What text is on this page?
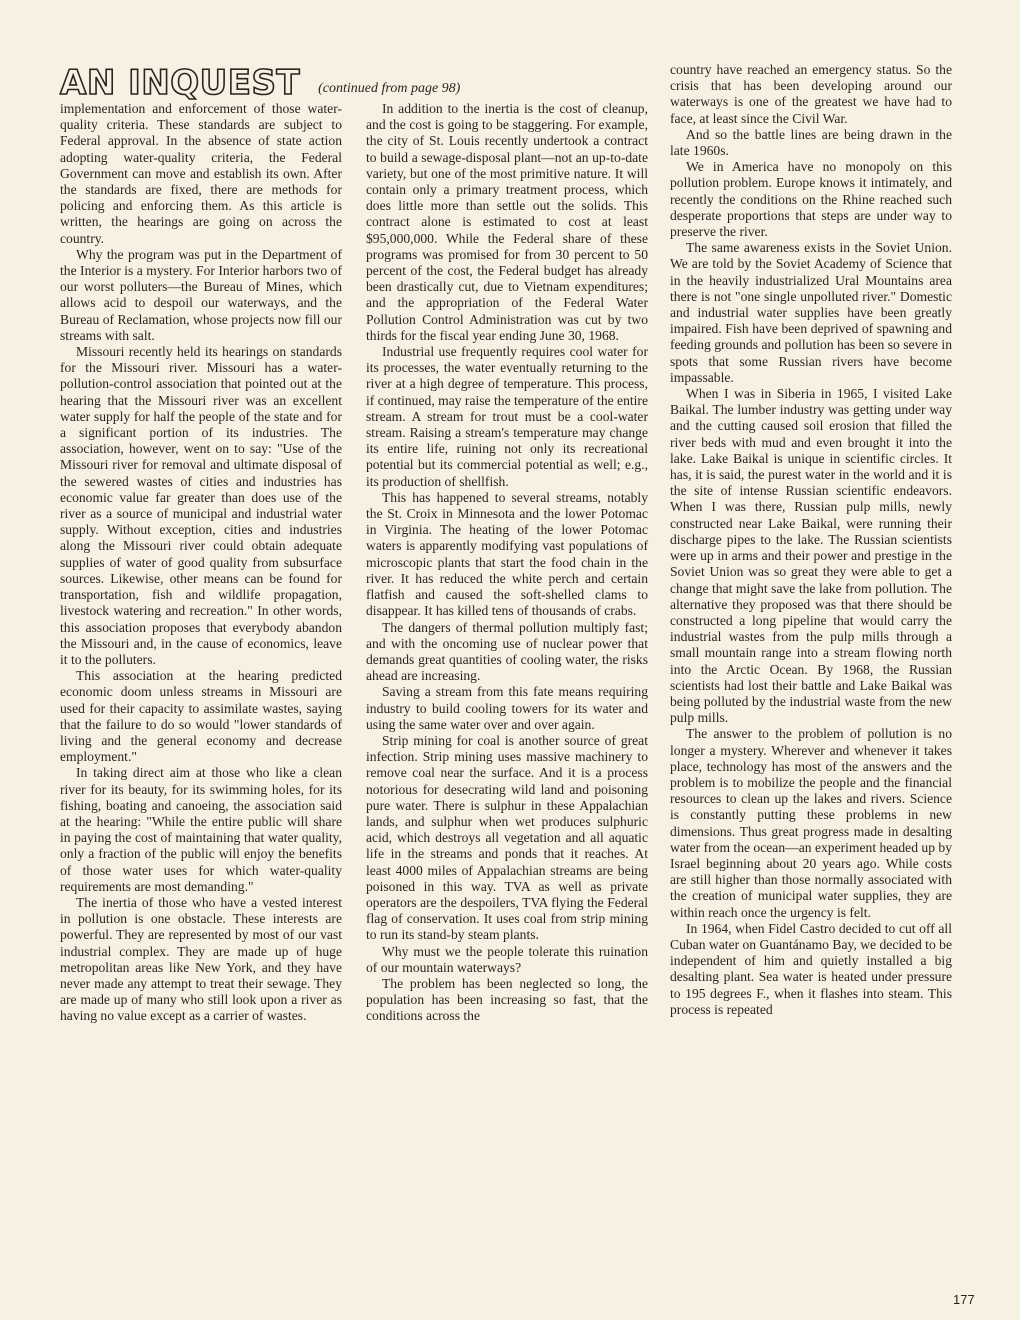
AN INQUEST (continued from page 98)

implementation and enforcement of those water-quality criteria. These standards are subject to Federal approval. In the absence of state action adopting water-quality criteria, the Federal Government can move and establish its own. After the standards are fixed, there are methods for policing and enforcing them. As this article is written, the hearings are going on across the country.

Why the program was put in the Department of the Interior is a mystery. For Interior harbors two of our worst polluters—the Bureau of Mines, which allows acid to despoil our waterways, and the Bureau of Reclamation, whose projects now fill our streams with salt.

Missouri recently held its hearings on standards for the Missouri river. Missouri has a water-pollution-control association that pointed out at the hearing that the Missouri river was an excellent water supply for half the people of the state and for a significant portion of its industries. The association, however, went on to say: "Use of the Missouri river for removal and ultimate disposal of the sewered wastes of cities and industries has economic value far greater than does use of the river as a source of municipal and industrial water supply. Without exception, cities and industries along the Missouri river could obtain adequate supplies of water of good quality from subsurface sources. Likewise, other means can be found for transportation, fish and wildlife propagation, livestock watering and recreation." In other words, this association proposes that everybody abandon the Missouri and, in the cause of economics, leave it to the polluters.

This association at the hearing predicted economic doom unless streams in Missouri are used for their capacity to assimilate wastes, saying that the failure to do so would "lower standards of living and the general economy and decrease employment."

In taking direct aim at those who like a clean river for its beauty, for its swimming holes, for its fishing, boating and canoeing, the association said at the hearing: "While the entire public will share in paying the cost of maintaining that water quality, only a fraction of the public will enjoy the benefits of those water uses for which water-quality requirements are most demanding."

The inertia of those who have a vested interest in pollution is one obstacle. These interests are powerful. They are represented by most of our vast industrial complex. They are made up of huge metropolitan areas like New York, and they have never made any attempt to treat their sewage. They are made up of many who still look upon a river as having no value except as a carrier of wastes.

In addition to the inertia is the cost of cleanup, and the cost is going to be staggering. For example, the city of St. Louis recently undertook a contract to build a sewage-disposal plant—not an up-to-date variety, but one of the most primitive nature. It will contain only a primary treatment process, which does little more than settle out the solids. This contract alone is estimated to cost at least $95,000,000. While the Federal share of these programs was promised for from 30 percent to 50 percent of the cost, the Federal budget has already been drastically cut, due to Vietnam expenditures; and the appropriation of the Federal Water Pollution Control Administration was cut by two thirds for the fiscal year ending June 30, 1968.

Industrial use frequently requires cool water for its processes, the water eventually returning to the river at a high degree of temperature. This process, if continued, may raise the temperature of the entire stream. A stream for trout must be a cool-water stream. Raising a stream's temperature may change its entire life, ruining not only its recreational potential but its commercial potential as well; e.g., its production of shellfish.

This has happened to several streams, notably the St. Croix in Minnesota and the lower Potomac in Virginia. The heating of the lower Potomac waters is apparently modifying vast populations of microscopic plants that start the food chain in the river. It has reduced the white perch and certain flatfish and caused the soft-shelled clams to disappear. It has killed tens of thousands of crabs.

The dangers of thermal pollution multiply fast; and with the oncoming use of nuclear power that demands great quantities of cooling water, the risks ahead are increasing.

Saving a stream from this fate means requiring industry to build cooling towers for its water and using the same water over and over again.

Strip mining for coal is another source of great infection. Strip mining uses massive machinery to remove coal near the surface. And it is a process notorious for desecrating wild land and poisoning pure water. There is sulphur in these Appalachian lands, and sulphur when wet produces sulphuric acid, which destroys all vegetation and all aquatic life in the streams and ponds that it reaches. At least 4000 miles of Appalachian streams are being poisoned in this way. TVA as well as private operators are the despoilers, TVA flying the Federal flag of conservation. It uses coal from strip mining to run its stand-by steam plants.

Why must we the people tolerate this ruination of our mountain waterways?

The problem has been neglected so long, the population has been increasing so fast, that the conditions across the

country have reached an emergency status. So the crisis that has been developing around our waterways is one of the greatest we have had to face, at least since the Civil War.

And so the battle lines are being drawn in the late 1960s.

We in America have no monopoly on this pollution problem. Europe knows it intimately, and recently the conditions on the Rhine reached such desperate proportions that steps are under way to preserve the river.

The same awareness exists in the Soviet Union. We are told by the Soviet Academy of Science that in the heavily industrialized Ural Mountains area there is not "one single unpolluted river." Domestic and industrial water supplies have been greatly impaired. Fish have been deprived of spawning and feeding grounds and pollution has been so severe in spots that some Russian rivers have become impassable.

When I was in Siberia in 1965, I visited Lake Baikal. The lumber industry was getting under way and the cutting caused soil erosion that filled the river beds with mud and even brought it into the lake. Lake Baikal is unique in scientific circles. It has, it is said, the purest water in the world and it is the site of intense Russian scientific endeavors. When I was there, Russian pulp mills, newly constructed near Lake Baikal, were running their discharge pipes to the lake. The Russian scientists were up in arms and their power and prestige in the Soviet Union was so great they were able to get a change that might save the lake from pollution. The alternative they proposed was that there should be constructed a long pipeline that would carry the industrial wastes from the pulp mills through a small mountain range into a stream flowing north into the Arctic Ocean. By 1968, the Russian scientists had lost their battle and Lake Baikal was being polluted by the industrial waste from the new pulp mills.

The answer to the problem of pollution is no longer a mystery. Wherever and whenever it takes place, technology has most of the answers and the problem is to mobilize the people and the financial resources to clean up the lakes and rivers. Science is constantly putting these problems in new dimensions. Thus great progress made in desalting water from the ocean—an experiment headed up by Israel beginning about 20 years ago. While costs are still higher than those normally associated with the creation of municipal water supplies, they are within reach once the urgency is felt.

In 1964, when Fidel Castro decided to cut off all Cuban water on Guantánamo Bay, we decided to be independent of him and quietly installed a big desalting plant. Sea water is heated under pressure to 195 degrees F., when it flashes into steam. This process is repeated

177
